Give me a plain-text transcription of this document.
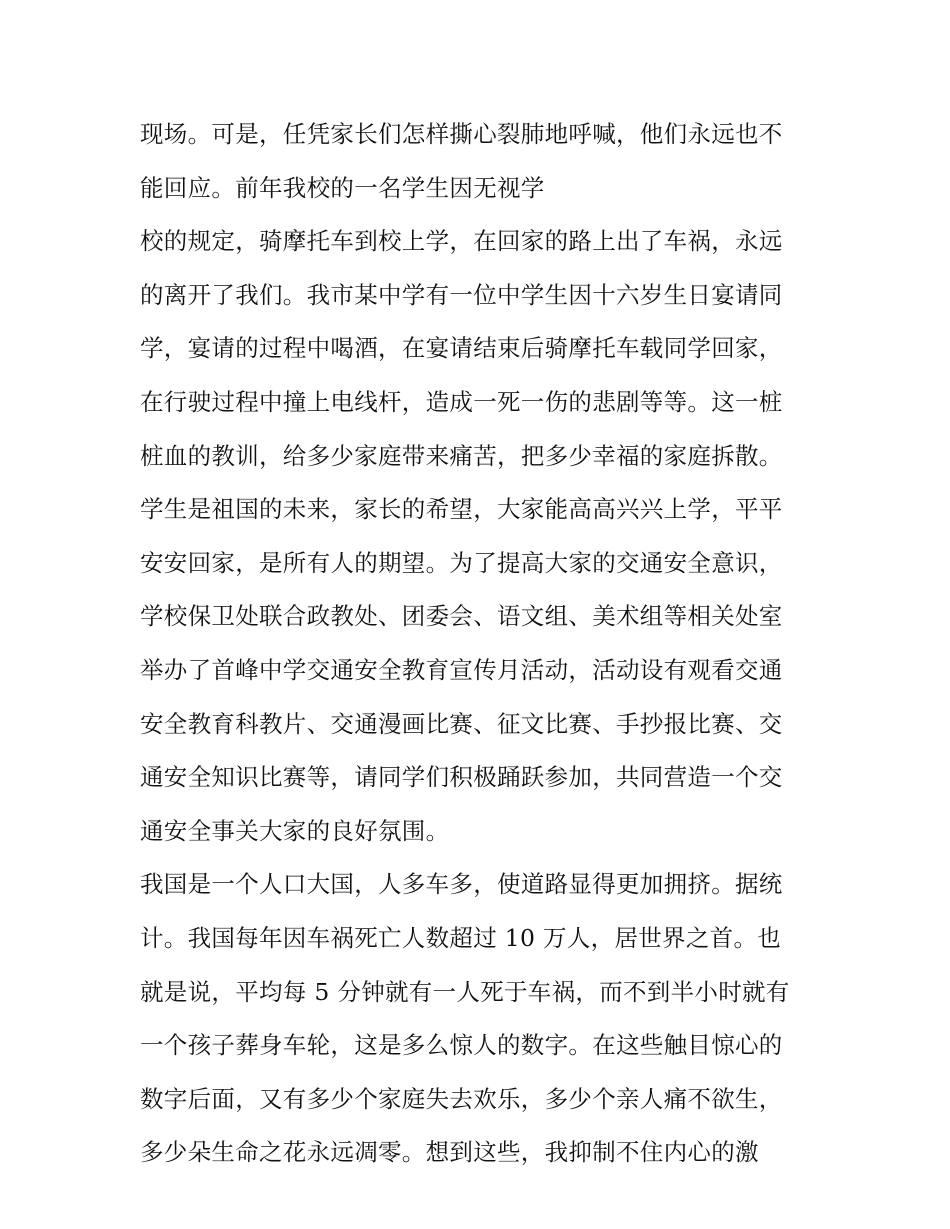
现场。可是，任凭家长们怎样撕心裂肺地呼喊，他们永远也不
能回应。前年我校的一名学生因无视学
校的规定，骑摩托车到校上学，在回家的路上出了车祸，永远
的离开了我们。我市某中学有一位中学生因十六岁生日宴请同
学，宴请的过程中喝酒，在宴请结束后骑摩托车载同学回家，
在行驶过程中撞上电线杆，造成一死一伤的悲剧等等。这一桩
桩血的教训，给多少家庭带来痛苦，把多少幸福的家庭拆散。
学生是祖国的未来，家长的希望，大家能高高兴兴上学，平平
安安回家，是所有人的期望。为了提高大家的交通安全意识，
学校保卫处联合政教处、团委会、语文组、美术组等相关处室
举办了首峰中学交通安全教育宣传月活动，活动设有观看交通
安全教育科教片、交通漫画比赛、征文比赛、手抄报比赛、交
通安全知识比赛等，请同学们积极踊跃参加，共同营造一个交
通安全事关大家的良好氛围。
我国是一个人口大国，人多车多，使道路显得更加拥挤。据统
计。我国每年因车祸死亡人数超过 10 万人，居世界之首。也
就是说，平均每 5 分钟就有一人死于车祸，而不到半小时就有
一个孩子葬身车轮，这是多么惊人的数字。在这些触目惊心的
数字后面，又有多少个家庭失去欢乐，多少个亲人痛不欲生，
多少朵生命之花永远凋零。想到这些，我抑制不住内心的激
